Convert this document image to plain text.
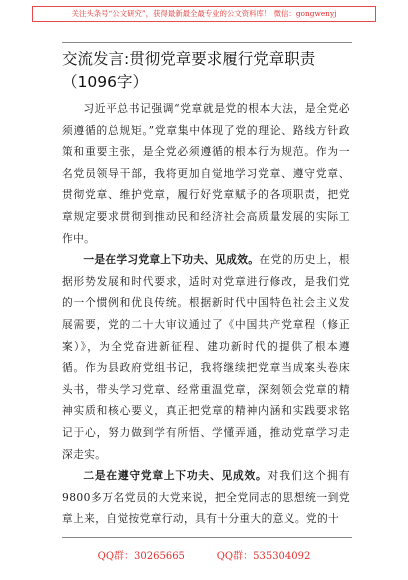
关注头条号“公文研究”，获得最新最全最专业的公文资料库！ 微信：gongwenyj
交流发言:贯彻党章要求履行党章职责（1096字）

习近平总书记强调“党章就是党的根本大法，是全党必须遵循的总规矩。”党章集中体现了党的理论、路线方针政策和重要主张，是全党必须遵循的根本行为规范。作为一名党员领导干部，我将更加自觉地学习党章、遵守党章、贯彻党章、维护党章，履行好党章赋予的各项职责，把党章规定要求贯彻到推动民和经济社会高质量发展的实际工作中。

一是在学习党章上下功夫、见成效。在党的历史上，根据形势发展和时代要求，适时对党章进行修改，是我们党的一个惯例和优良传统。根据新时代中国特色社会主义发展需要，党的二十大审议通过了《中国共产党章程（修正案）》，为全党奋进新征程、建功新时代的提供了根本遵循。作为县政府党组书记，我将继续把党章当成案头卷床头书，带头学习党章、经常重温党章，深刻领会党章的精神实质和核心要义，真正把党章的精神内涵和实践要求铭记于心，努力做到学有所悟、学懂弄通，推动党章学习走深走实。

二是在遵守党章上下功夫、见成效。对我们这个拥有9800多万名党员的大党来说，把全党同志的思想统一到党章上来，自觉按党章行动，具有十分重大的意义。党的十

QQ群：30265665          QQ群：535304092
